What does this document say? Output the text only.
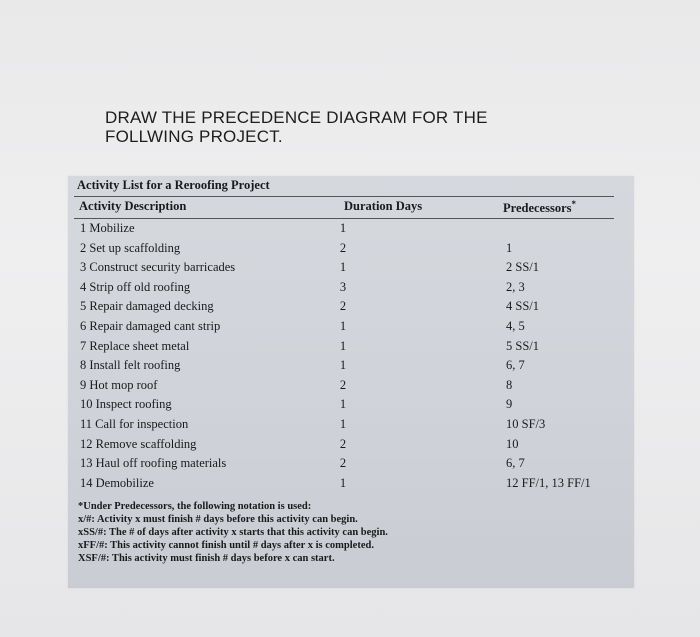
DRAW THE PRECEDENCE DIAGRAM FOR THE
FOLLWING PROJECT.
Activity List for a Reroofing Project
Activity Description	Duration Days	Predecessors*
1 Mobilize	1
2 Set up scaffolding	2	1
3 Construct security barricades	1	2 SS/1
4 Strip off old roofing	3	2, 3
5 Repair damaged decking	2	4 SS/1
6 Repair damaged cant strip	1	4, 5
7 Replace sheet metal	1	5 SS/1
8 Install felt roofing	1	6, 7
9 Hot mop roof	2	8
10 Inspect roofing	1	9
11 Call for inspection	1	10 SF/3
12 Remove scaffolding	2	10
13 Haul off roofing materials	2	6, 7
14 Demobilize	1	12 FF/1, 13 FF/1
*Under Predecessors, the following notation is used:
x/#: Activity x must finish # days before this activity can begin.
xSS/#: The # of days after activity x starts that this activity can begin.
xFF/#: This activity cannot finish until # days after x is completed.
XSF/#: This activity must finish # days before x can start.
